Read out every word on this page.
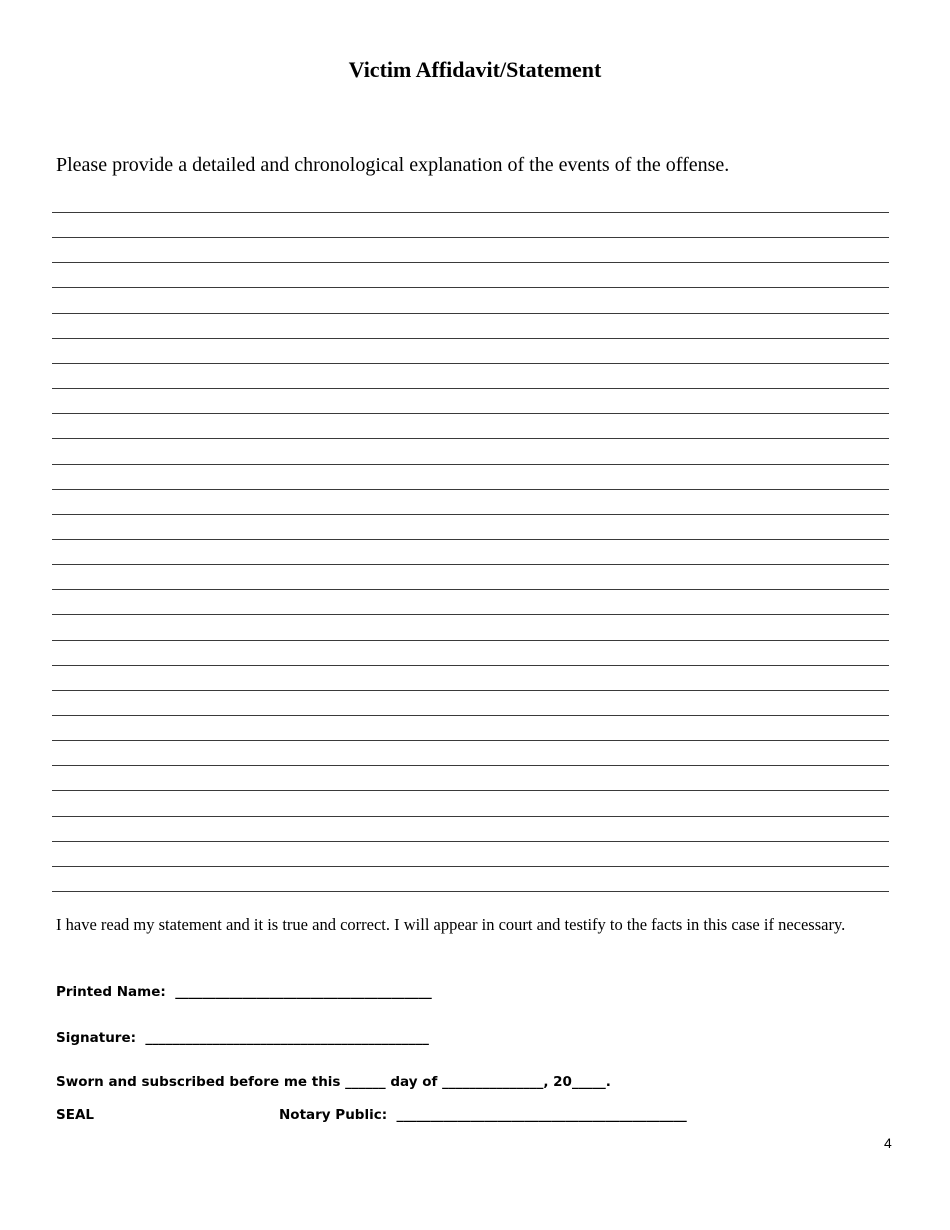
Victim Affidavit/Statement
Please provide a detailed and chronological explanation of the events of the offense.
I have read my statement and it is true and correct. I will appear in court and testify to the facts in this case if necessary.
Printed Name:  ______________________________________
Signature:  __________________________________________
Sworn and subscribed before me this ______ day of _______________, 20_____.
SEAL	Notary Public:  ___________________________________________
4
